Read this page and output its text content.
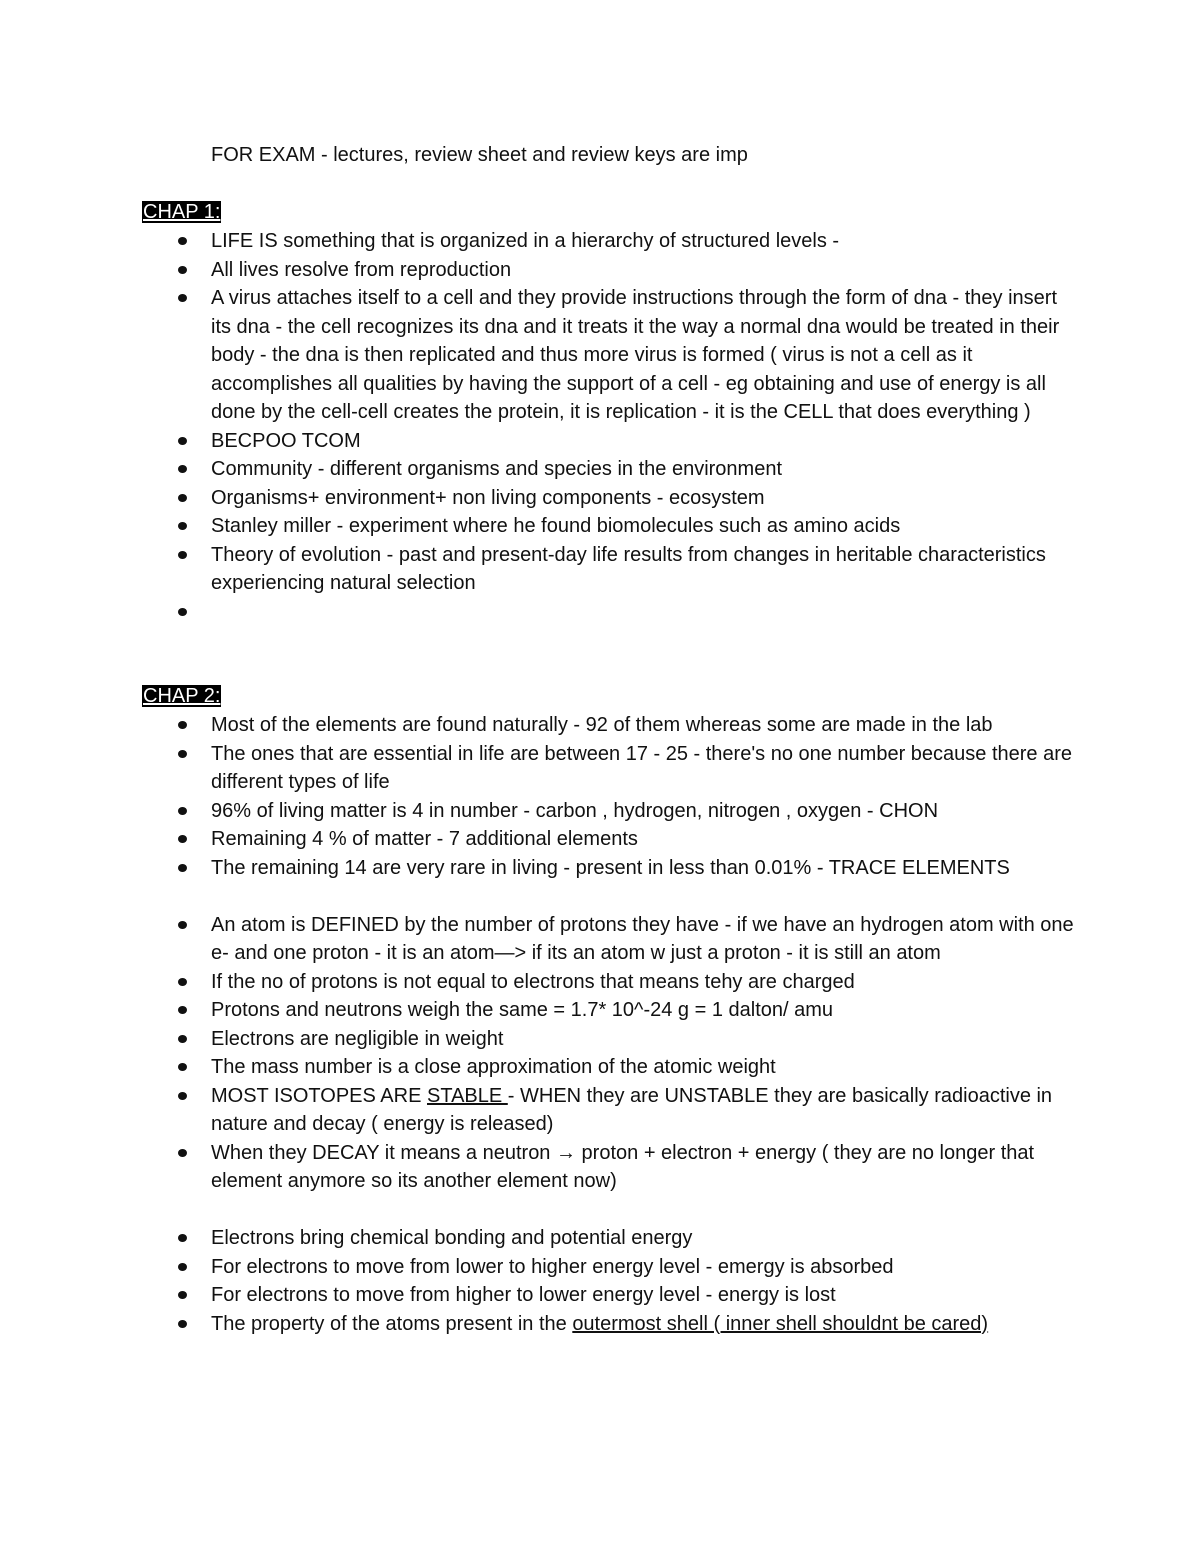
FOR EXAM - lectures, review sheet and review keys are imp

CHAP 1:

LIFE IS something that is organized in a hierarchy of structured levels -
All lives resolve from reproduction
A virus attaches itself to a cell and they provide instructions through the form of dna - they insert its dna - the cell recognizes its dna and it treats it the way a normal dna would be treated in their body - the dna is then replicated and thus more virus is formed ( virus is not a cell as it accomplishes all qualities by having the support of a cell - eg obtaining and use of energy is all done by the cell-cell creates the protein, it is replication - it is the CELL that does everything )
BECPOO TCOM
Community - different organisms and species in the environment
Organisms+ environment+ non living components - ecosystem
Stanley miller - experiment where he found biomolecules such as amino acids
Theory of evolution - past and present-day life results from changes in heritable characteristics experiencing natural selection

CHAP 2:

Most of the elements are found naturally - 92 of them whereas some are made in the lab
The ones that are essential in life are between 17 - 25 - there's no one number because there are different types of life
96% of living matter is 4 in number - carbon , hydrogen, nitrogen , oxygen - CHON
Remaining 4 % of matter - 7 additional elements
The remaining 14 are very rare in living - present in less than 0.01% - TRACE ELEMENTS
An atom is DEFINED by the number of protons they have - if we have an hydrogen atom with one e- and one proton - it is an atom—> if its an atom w just a proton - it is still an atom
If the no of protons is not equal to electrons that means tehy are charged
Protons and neutrons weigh the same = 1.7* 10^-24 g = 1 dalton/ amu
Electrons are negligible in weight
The mass number is a close approximation of the atomic weight
MOST ISOTOPES ARE STABLE - WHEN they are UNSTABLE they are basically radioactive in nature and decay ( energy is released)
When they DECAY it means a neutron → proton + electron + energy ( they are no longer that element anymore so its another element now)
Electrons bring chemical bonding and potential energy
For electrons to move from lower to higher energy level - emergy is absorbed
For electrons to move from higher to lower energy level - energy is lost
The property of the atoms present in the outermost shell ( inner shell shouldnt be cared)
